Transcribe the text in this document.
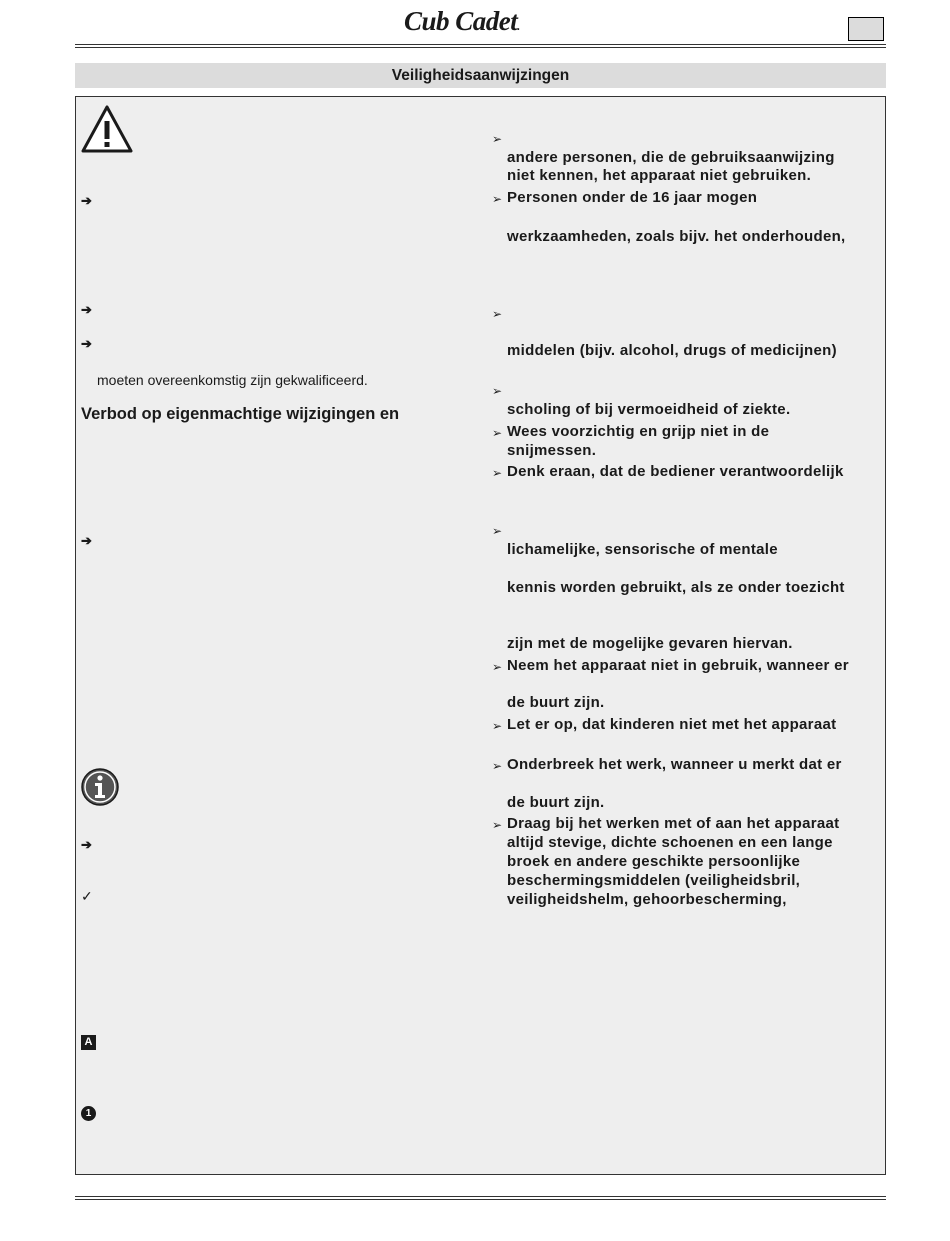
Cub Cadet.
Veiligheidsaanwijzingen
➔
➔
➔
moeten overeenkomstig zijn gekwalificeerd.
Verbod op eigenmachtige wijzigingen en
➔
➔
✓
A
1
➢
➢
➢
➢
➢
➢
➢
➢
➢
➢
➢
andere personen, die de gebruiksaanwijzing
niet kennen, het apparaat niet gebruiken.
Personen onder de 16 jaar mogen
werkzaamheden, zoals bijv. het onderhouden,
middelen (bijv. alcohol, drugs of medicijnen)
scholing of bij vermoeidheid of ziekte.
Wees voorzichtig en grijp niet in de
snijmessen.
Denk eraan, dat de bediener verantwoordelijk
lichamelijke, sensorische of mentale
kennis worden gebruikt, als ze onder toezicht
zijn met de mogelijke gevaren hiervan.
Neem het apparaat niet in gebruik, wanneer er
de buurt zijn.
Let er op, dat kinderen niet met het apparaat
Onderbreek het werk, wanneer u merkt dat er
de buurt zijn.
Draag bij het werken met of aan het apparaat
altijd stevige, dichte schoenen en een lange
broek en andere geschikte persoonlijke
beschermingsmiddelen (veiligheidsbril,
veiligheidshelm, gehoorbescherming,
